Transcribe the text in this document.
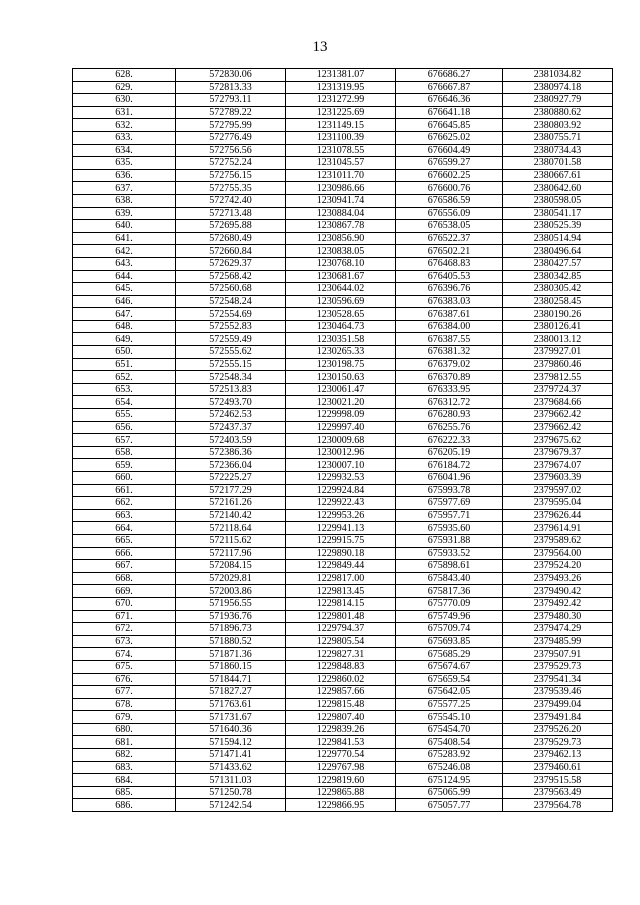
13
628.	572830.06	1231381.07	676686.27	2381034.82
629.	572813.33	1231319.95	676667.87	2380974.18
630.	572793.11	1231272.99	676646.36	2380927.79
631.	572789.22	1231225.69	676641.18	2380880.62
632.	572795.99	1231149.15	676645.85	2380803.92
633.	572776.49	1231100.39	676625.02	2380755.71
634.	572756.56	1231078.55	676604.49	2380734.43
635.	572752.24	1231045.57	676599.27	2380701.58
636.	572756.15	1231011.70	676602.25	2380667.61
637.	572755.35	1230986.66	676600.76	2380642.60
638.	572742.40	1230941.74	676586.59	2380598.05
639.	572713.48	1230884.04	676556.09	2380541.17
640.	572695.88	1230867.78	676538.05	2380525.39
641.	572680.49	1230856.90	676522.37	2380514.94
642.	572660.84	1230838.05	676502.21	2380496.64
643.	572629.37	1230768.10	676468.83	2380427.57
644.	572568.42	1230681.67	676405.53	2380342.85
645.	572560.68	1230644.02	676396.76	2380305.42
646.	572548.24	1230596.69	676383.03	2380258.45
647.	572554.69	1230528.65	676387.61	2380190.26
648.	572552.83	1230464.73	676384.00	2380126.41
649.	572559.49	1230351.58	676387.55	2380013.12
650.	572555.62	1230265.33	676381.32	2379927.01
651.	572555.15	1230198.75	676379.02	2379860.46
652.	572548.34	1230150.63	676370.89	2379812.55
653.	572513.83	1230061.47	676333.95	2379724.37
654.	572493.70	1230021.20	676312.72	2379684.66
655.	572462.53	1229998.09	676280.93	2379662.42
656.	572437.37	1229997.40	676255.76	2379662.42
657.	572403.59	1230009.68	676222.33	2379675.62
658.	572386.36	1230012.96	676205.19	2379679.37
659.	572366.04	1230007.10	676184.72	2379674.07
660.	572225.27	1229932.53	676041.96	2379603.39
661.	572177.29	1229924.84	675993.78	2379597.02
662.	572161.26	1229922.43	675977.69	2379595.04
663.	572140.42	1229953.26	675957.71	2379626.44
664.	572118.64	1229941.13	675935.60	2379614.91
665.	572115.62	1229915.75	675931.88	2379589.62
666.	572117.96	1229890.18	675933.52	2379564.00
667.	572084.15	1229849.44	675898.61	2379524.20
668.	572029.81	1229817.00	675843.40	2379493.26
669.	572003.86	1229813.45	675817.36	2379490.42
670.	571956.55	1229814.15	675770.09	2379492.42
671.	571936.76	1229801.48	675749.96	2379480.30
672.	571896.73	1229794.37	675709.74	2379474.29
673.	571880.52	1229805.54	675693.85	2379485.99
674.	571871.36	1229827.31	675685.29	2379507.91
675.	571860.15	1229848.83	675674.67	2379529.73
676.	571844.71	1229860.02	675659.54	2379541.34
677.	571827.27	1229857.66	675642.05	2379539.46
678.	571763.61	1229815.48	675577.25	2379499.04
679.	571731.67	1229807.40	675545.10	2379491.84
680.	571640.36	1229839.26	675454.70	2379526.20
681.	571594.12	1229841.53	675408.54	2379529.73
682.	571471.41	1229770.54	675283.92	2379462.13
683.	571433.62	1229767.98	675246.08	2379460.61
684.	571311.03	1229819.60	675124.95	2379515.58
685.	571250.78	1229865.88	675065.99	2379563.49
686.	571242.54	1229866.95	675057.77	2379564.78
